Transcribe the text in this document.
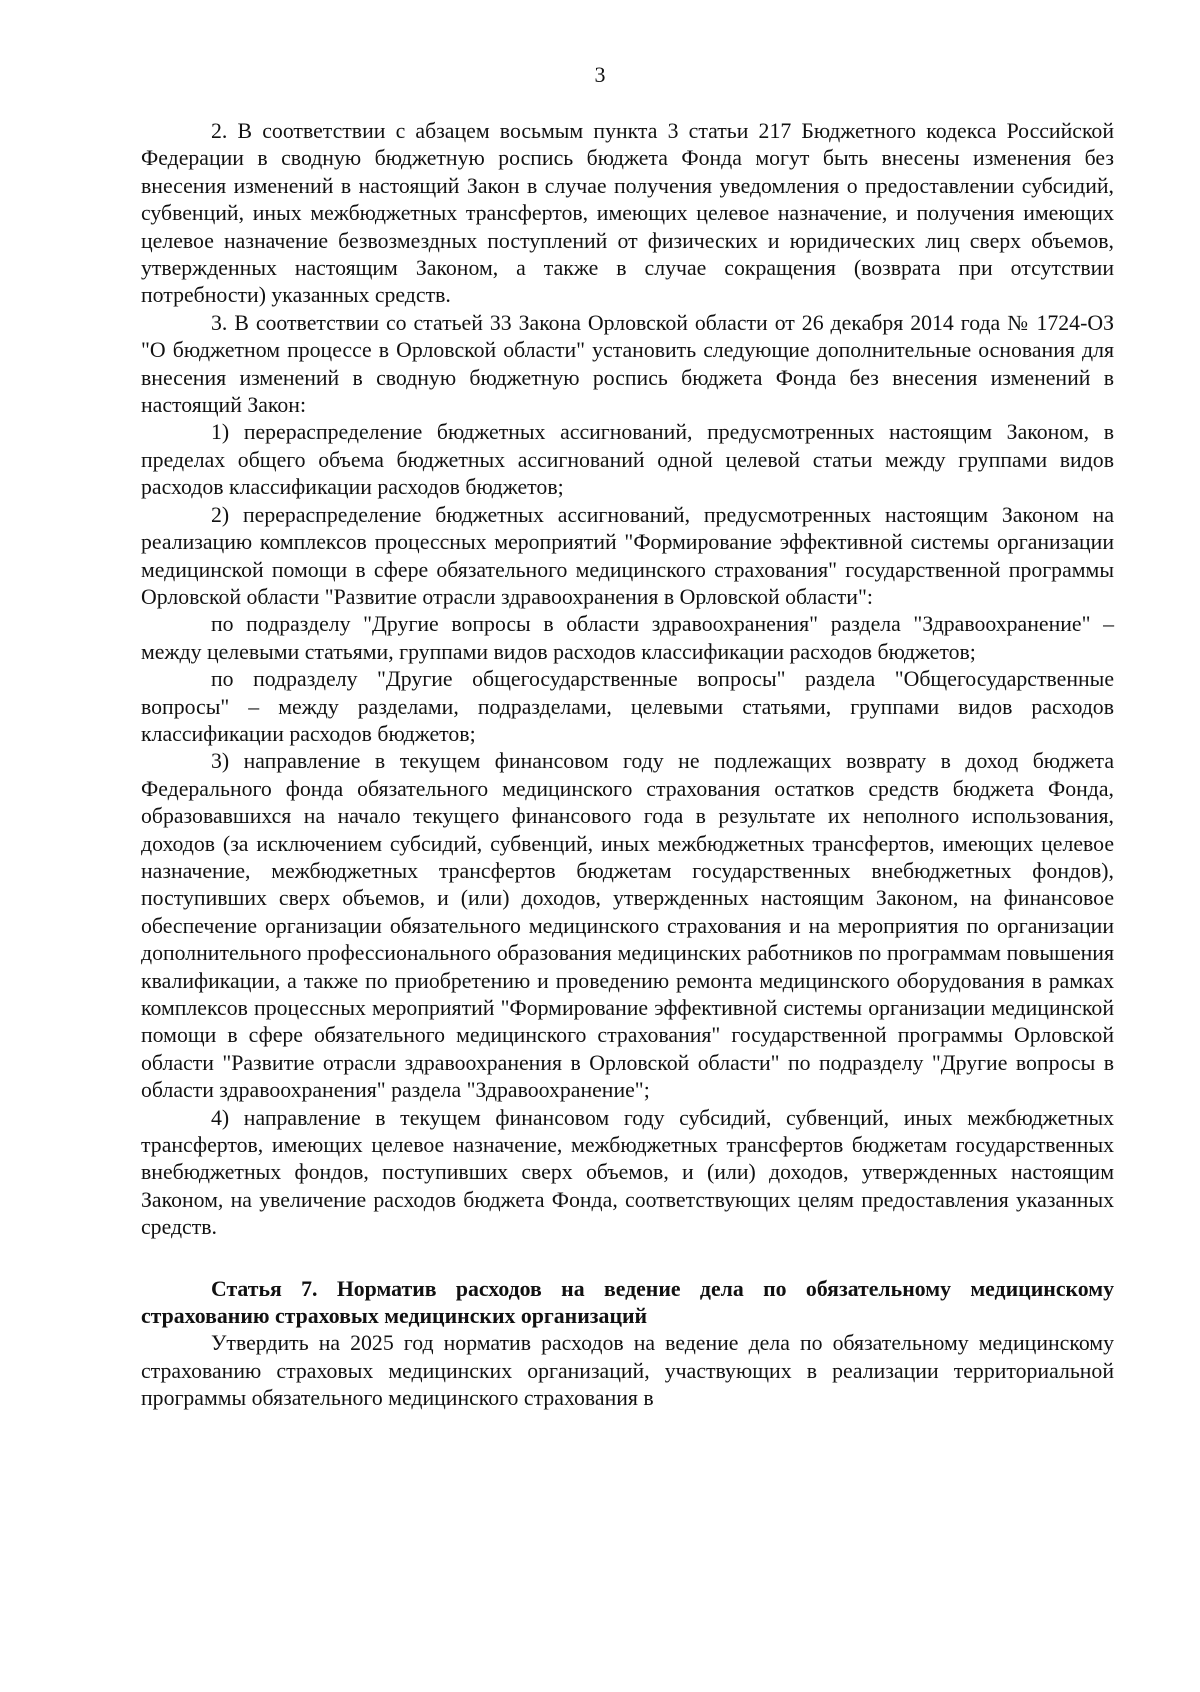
3

2. В соответствии с абзацем восьмым пункта 3 статьи 217 Бюджетного кодекса Российской Федерации в сводную бюджетную роспись бюджета Фонда могут быть внесены изменения без внесения изменений в настоящий Закон в случае получения уведомления о предоставлении субсидий, субвенций, иных межбюджетных трансфертов, имеющих целевое назначение, и получения имеющих целевое назначение безвозмездных поступлений от физических и юридических лиц сверх объемов, утвержденных настоящим Законом, а также в случае сокращения (возврата при отсутствии потребности) указанных средств.

3. В соответствии со статьей 33 Закона Орловской области от 26 декабря 2014 года № 1724-ОЗ "О бюджетном процессе в Орловской области" установить следующие дополнительные основания для внесения изменений в сводную бюджетную роспись бюджета Фонда без внесения изменений в настоящий Закон:

1) перераспределение бюджетных ассигнований, предусмотренных настоящим Законом, в пределах общего объема бюджетных ассигнований одной целевой статьи между группами видов расходов классификации расходов бюджетов;

2) перераспределение бюджетных ассигнований, предусмотренных настоящим Законом на реализацию комплексов процессных мероприятий "Формирование эффективной системы организации медицинской помощи в сфере обязательного медицинского страхования" государственной программы Орловской области "Развитие отрасли здравоохранения в Орловской области":

по подразделу "Другие вопросы в области здравоохранения" раздела "Здравоохранение" – между целевыми статьями, группами видов расходов классификации расходов бюджетов;

по подразделу "Другие общегосударственные вопросы" раздела "Общегосударственные вопросы" – между разделами, подразделами, целевыми статьями, группами видов расходов классификации расходов бюджетов;

3) направление в текущем финансовом году не подлежащих возврату в доход бюджета Федерального фонда обязательного медицинского страхования остатков средств бюджета Фонда, образовавшихся на начало текущего финансового года в результате их неполного использования, доходов (за исключением субсидий, субвенций, иных межбюджетных трансфертов, имеющих целевое назначение, межбюджетных трансфертов бюджетам государственных внебюджетных фондов), поступивших сверх объемов, и (или) доходов, утвержденных настоящим Законом, на финансовое обеспечение организации обязательного медицинского страхования и на мероприятия по организации дополнительного профессионального образования медицинских работников по программам повышения квалификации, а также по приобретению и проведению ремонта медицинского оборудования в рамках комплексов процессных мероприятий "Формирование эффективной системы организации медицинской помощи в сфере обязательного медицинского страхования" государственной программы Орловской области "Развитие отрасли здравоохранения в Орловской области" по подразделу "Другие вопросы в области здравоохранения" раздела "Здравоохранение";

4) направление в текущем финансовом году субсидий, субвенций, иных межбюджетных трансфертов, имеющих целевое назначение, межбюджетных трансфертов бюджетам государственных внебюджетных фондов, поступивших сверх объемов, и (или) доходов, утвержденных настоящим Законом, на увеличение расходов бюджета Фонда, соответствующих целям предоставления указанных средств.

Статья 7. Норматив расходов на ведение дела по обязательному медицинскому страхованию страховых медицинских организаций

Утвердить на 2025 год норматив расходов на ведение дела по обязательному медицинскому страхованию страховых медицинских организаций, участвующих в реализации территориальной программы обязательного медицинского страхования в
